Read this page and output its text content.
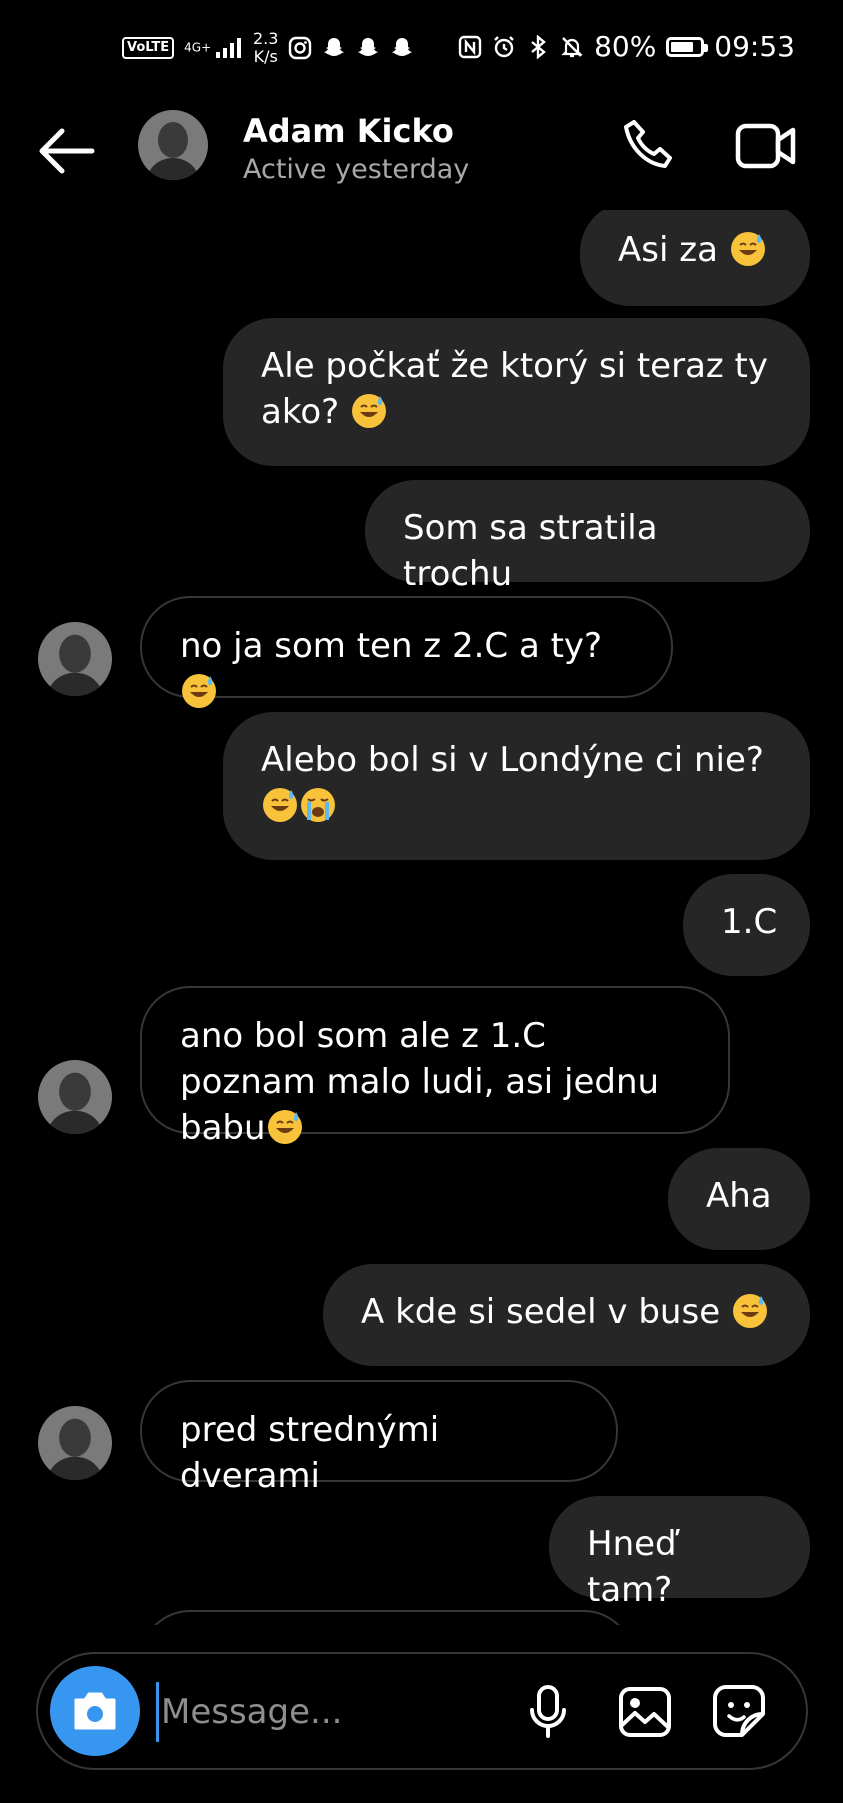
VoLTE	4G+	2.3
K/s	80% 09:53
Adam Kicko
Active yesterday
Asi za
Ale počkať že ktorý si teraz ty ako?
Som sa stratila trochu
no ja som ten z 2.C a ty?
Alebo bol si v Londýne ci nie?

1.C
ano bol som ale z 1.C poznam malo ludi, asi jednu babu
Aha
A kde si sedel v buse
pred strednými dverami
Hneď tam?
Message...
